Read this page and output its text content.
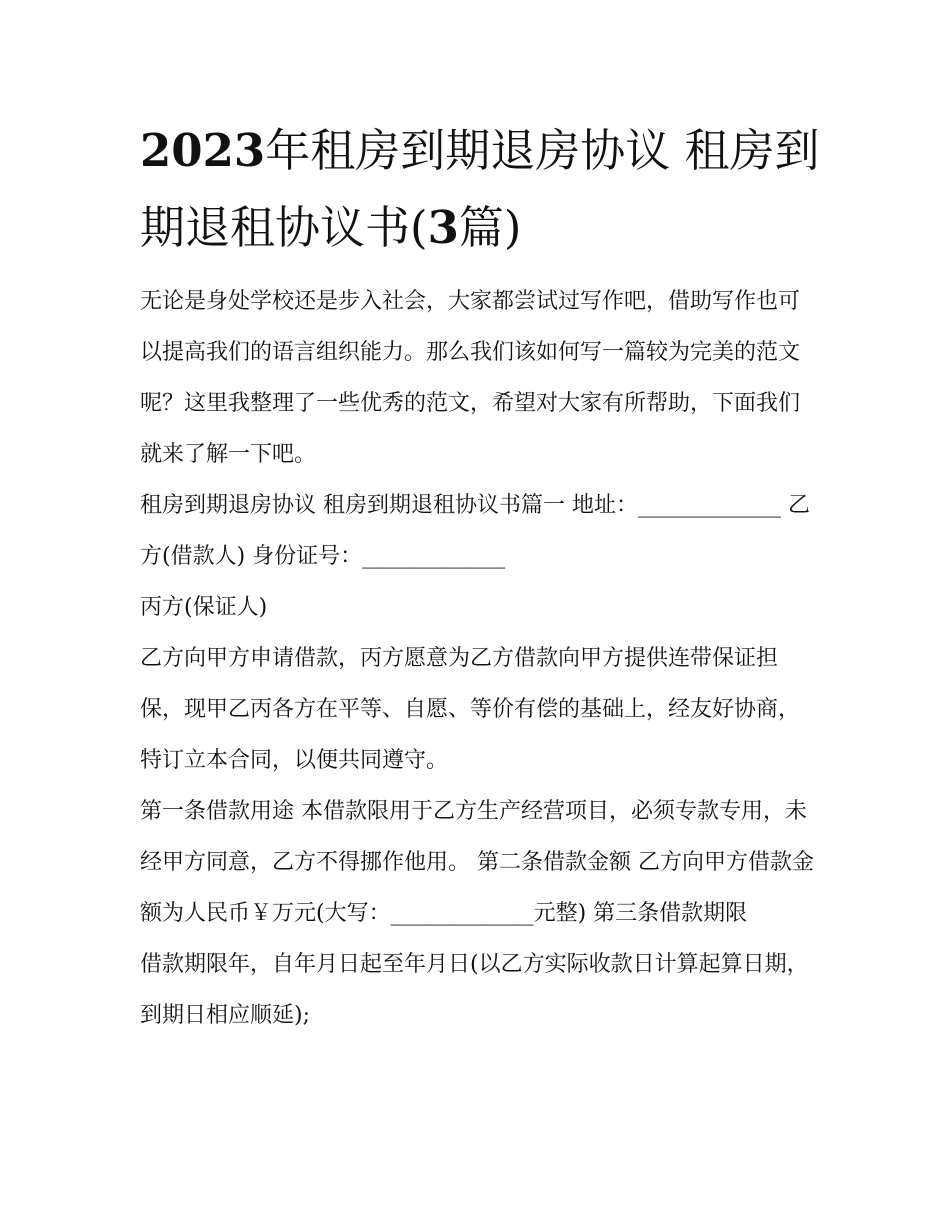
2023年租房到期退房协议 租房到期退租协议书(3篇)

无论是身处学校还是步入社会，大家都尝试过写作吧，借助写作也可以提高我们的语言组织能力。那么我们该如何写一篇较为完美的范文呢？这里我整理了一些优秀的范文，希望对大家有所帮助，下面我们就来了解一下吧。

租房到期退房协议 租房到期退租协议书篇一 地址：_____________ 乙方(借款人) 身份证号：_____________

丙方(保证人)

乙方向甲方申请借款，丙方愿意为乙方借款向甲方提供连带保证担保，现甲乙丙各方在平等、自愿、等价有偿的基础上，经友好协商，特订立本合同，以便共同遵守。

第一条借款用途 本借款限用于乙方生产经营项目，必须专款专用，未经甲方同意，乙方不得挪作他用。 第二条借款金额 乙方向甲方借款金额为人民币￥万元(大写：_____________元整) 第三条借款期限

借款期限年，自年月日起至年月日(以乙方实际收款日计算起算日期，到期日相应顺延);
